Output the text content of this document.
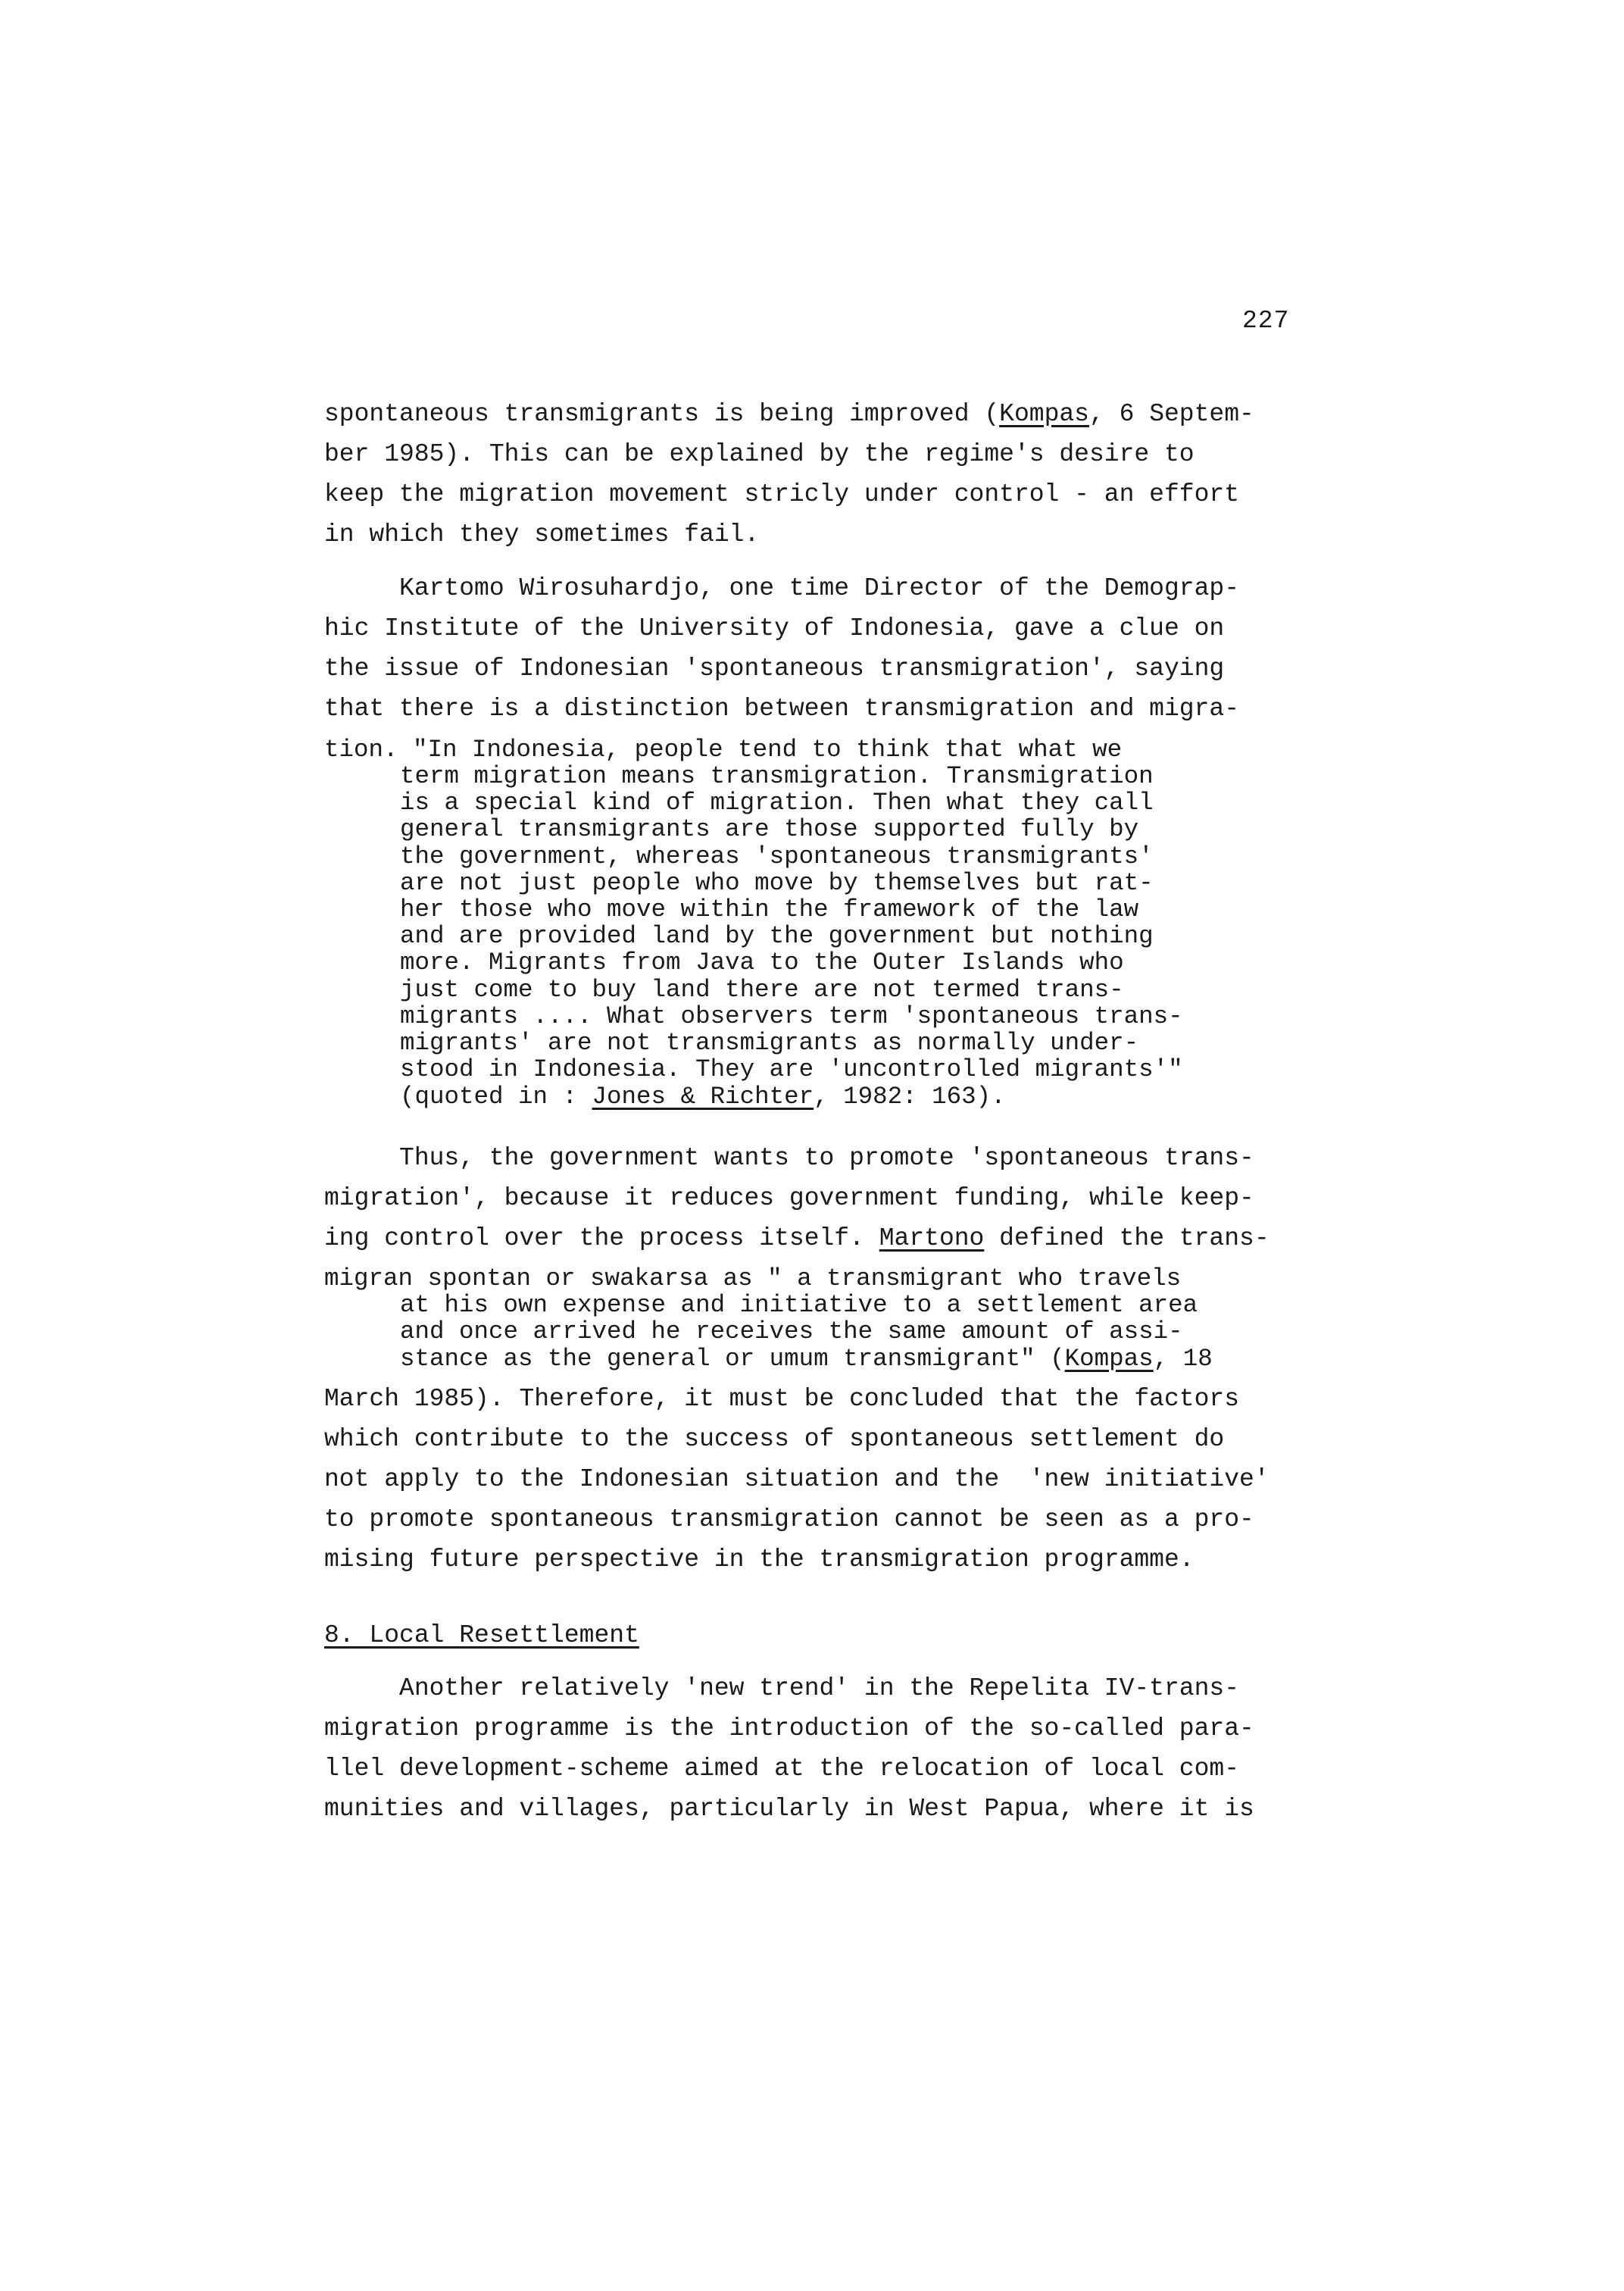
227
spontaneous transmigrants is being improved (Kompas, 6 Septem-
ber 1985). This can be explained by the regime's desire to
keep the migration movement stricly under control - an effort
in which they sometimes fail.
Kartomo Wirosuhardjo, one time Director of the Demograp-
hic Institute of the University of Indonesia, gave a clue on
the issue of Indonesian 'spontaneous transmigration', saying
that there is a distinction between transmigration and migra-
tion. "In Indonesia, people tend to think that what we
term migration means transmigration. Transmigration
is a special kind of migration. Then what they call
general transmigrants are those supported fully by
the government, whereas 'spontaneous transmigrants'
are not just people who move by themselves but rat-
her those who move within the framework of the law
and are provided land by the government but nothing
more. Migrants from Java to the Outer Islands who
just come to buy land there are not termed trans-
migrants .... What observers term 'spontaneous trans-
migrants' are not transmigrants as normally under-
stood in Indonesia. They are 'uncontrolled migrants'"
(quoted in : Jones & Richter, 1982: 163).
Thus, the government wants to promote 'spontaneous trans-
migration', because it reduces government funding, while keep-
ing control over the process itself. Martono defined the trans-
migran spontan or swakarsa as " a transmigrant who travels
at his own expense and initiative to a settlement area
and once arrived he receives the same amount of assi-
stance as the general or umum transmigrant" (Kompas, 18
March 1985). Therefore, it must be concluded that the factors
which contribute to the success of spontaneous settlement do
not apply to the Indonesian situation and the  'new initiative'
to promote spontaneous transmigration cannot be seen as a pro-
mising future perspective in the transmigration programme.
8. Local Resettlement
Another relatively 'new trend' in the Repelita IV-trans-
migration programme is the introduction of the so-called para-
llel development-scheme aimed at the relocation of local com-
munities and villages, particularly in West Papua, where it is
